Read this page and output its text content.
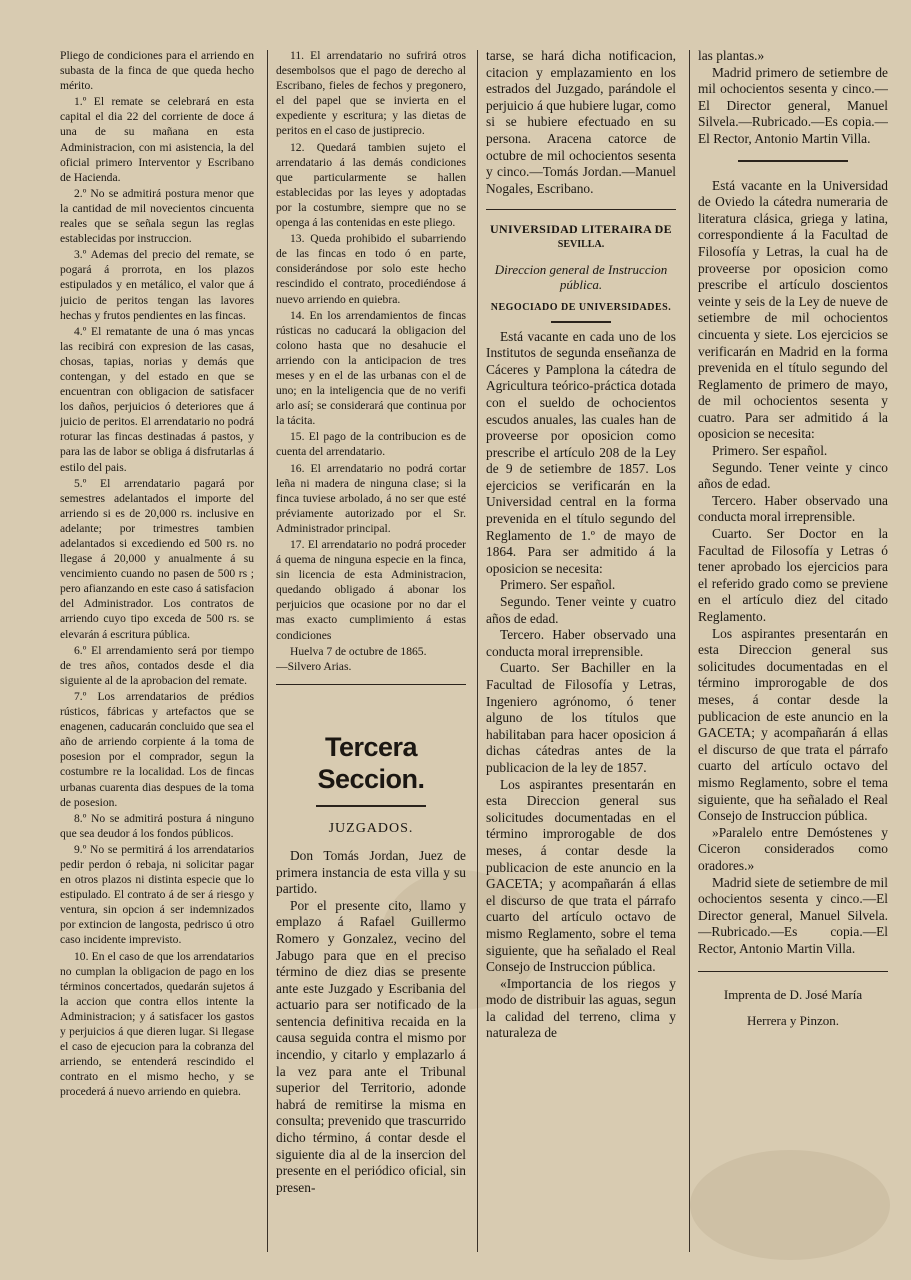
Pliego de condiciones para el arriendo en subasta de la finca de que queda hecho mérito.

1.º El remate se celebrará en esta capital el dia 22 del corriente de doce á una de su mañana en esta Administracion, con mi asistencia, la del oficial primero Interventor y Escribano de Hacienda.

2.º No se admitirá postura menor que la cantidad de mil novecientos cincuenta reales que se señala segun las reglas establecidas por instruccion.

3.º Ademas del precio del remate, se pogará á prorrota, en los plazos estipulados y en metálico, el valor que á juicio de peritos tengan las lavores hechas y frutos pendientes en las fincas.

4.º El rematante de una ó mas yncas las recibirá con expresion de las casas, chosas, tapias, norias y demás que contengan, y del estado en que se encuentran con obligacion de satisfacer los daños, perjuicios ó deteriores que á juicio de peritos. El arrendatario no podrá roturar las fincas destinadas á pastos, y para las de labor se obliga á disfrutarlas á estilo del pais.

5.º El arrendatario pagará por semestres adelantados el importe del arriendo si es de 20,000 rs. inclusive en adelante; por trimestres tambien adelantados si excediendo ed 500 rs. no llegase á 20,000 y anualmente á su vencimiento cuando no pasen de 500 rs ; pero afianzando en este caso á satisfacion del Administrador. Los contratos de arriendo cuyo tipo exceda de 500 rs. se elevarán á escritura pública.

6.º El arrendamiento será por tiempo de tres años, contados desde el dia siguiente al de la aprobacion del remate.

7.º Los arrendatarios de prédios rústicos, fábricas y artefactos que se enagenen, caducarán concluido que sea el año de arriendo corpiente á la toma de posesion por el comprador, segun la costumbre re la localidad. Los de fincas urbanas cuarenta dias despues de la toma de posesion.

8.º No se admitirá postura á ninguno que sea deudor á los fondos públicos.

9.º No se permitirá á los arrendatarios pedir perdon ó rebaja, ni solicitar pagar en otros plazos ni distinta especie que lo estipulado. El contrato á de ser á riesgo y ventura, sin opcion á ser indemnizados por extincion de langosta, pedrisco ú otro caso incidente imprevisto.

10. En el caso de que los arrendatarios no cumplan la obligacion de pago en los términos concertados, quedarán sujetos á la accion que contra ellos intente la Administracion; y á satisfacer los gastos y perjuicios á que dieren lugar. Si llegase el caso de ejecucion para la cobranza del arriendo, se entenderá rescindido el contrato en el mismo hecho, y se procederá á nuevo arriendo en quiebra.

11. El arrendatario no sufrirá otros desembolsos que el pago de derecho al Escribano, fieles de fechos y pregonero, el del papel que se invierta en el expediente y escritura; y las dietas de peritos en el caso de justiprecio.

12. Quedará tambien sujeto el arrendatario á las demás condiciones que particularmente se hallen establecidas por las leyes y adoptadas por la costumbre, siempre que no se openga á las contenidas en este pliego.

13. Queda prohibido el subarriendo de las fincas en todo ó en parte, considerándose por solo este hecho rescindido el contrato, procediéndose á nuevo arriendo en quiebra.

14. En los arrendamientos de fincas rústicas no caducará la obligacion del colono hasta que no desahucie el arriendo con la anticipacion de tres meses y en el de las urbanas con el de uno; en la inteligencia que de no verifi arlo así; se considerará que continua por la tácita.

15. El pago de la contribucion es de cuenta del arrendatario.

16. El arrendatario no podrá cortar leña ni madera de ninguna clase; si la finca tuviese arbolado, á no ser que esté préviamente autorizado por el Sr. Administrador principal.

17. El arrendatario no podrá proceder á quema de ninguna especie en la finca, sin licencia de esta Administracion, quedando obligado á abonar los perjuicios que ocasione por no dar el mas exacto cumplimiento á estas condiciones

Huelva 7 de octubre de 1865.

—Silvero Arias.

Tercera Seccion.
JUZGADOS.

Don Tomás Jordan, Juez de primera instancia de esta villa y su partido.

Por el presente cito, llamo y emplazo á Rafael Guillermo Romero y Gonzalez, vecino del Jabugo para que en el preciso término de diez dias se presente ante este Juzgado y Escribania del actuario para ser notificado de la sentencia definitiva recaida en la causa seguida contra el mismo por incendio, y citarlo y emplazarlo á la vez para ante el Tribunal superior del Territorio, adonde habrá de remitirse la misma en consulta; prevenido que trascurrido dicho término, á contar desde el siguiente dia al de la insercion del presente en el periódico oficial, sin presen-

tarse, se hará dicha notificacion, citacion y emplazamiento en los estrados del Juzgado, parándole el perjuicio á que hubiere lugar, como si se hubiere efectuado en su persona. Aracena catorce de octubre de mil ochocientos sesenta y cinco.—Tomás Jordan.—Manuel Nogales, Escribano.

UNIVERSIDAD LITERAIRA DE
SEVILLA.
Direccion general de Instruccion pública.
NEGOCIADO DE UNIVERSIDADES.

Está vacante en cada uno de los Institutos de segunda enseñanza de Cáceres y Pamplona la cátedra de Agricultura teórico-práctica dotada con el sueldo de ochocientos escudos anuales, las cuales han de proveerse por oposicion como prescribe el artículo 208 de la Ley de 9 de setiembre de 1857. Los ejercicios se verificarán en la Universidad central en la forma prevenida en el título segundo del Reglamento de 1.º de mayo de 1864. Para ser admitido á la oposicion se necesita:

Primero. Ser español.

Segundo. Tener veinte y cuatro años de edad.

Tercero. Haber observado una conducta moral irreprensible.

Cuarto. Ser Bachiller en la Facultad de Filosofía y Letras, Ingeniero agrónomo, ó tener alguno de los títulos que habilitaban para hacer oposicion á dichas cátedras antes de la publicacion de la ley de 1857.

Los aspirantes presentarán en esta Direccion general sus solicitudes documentadas en el término improrogable de dos meses, á contar desde la publicacion de este anuncio en la GACETA; y acompañarán á ellas el discurso de que trata el párrafo cuarto del artículo octavo de mismo Reglamento, sobre el tema siguiente, que ha señalado el Real Consejo de Instruccion pública.

«Importancia de los riegos y modo de distribuir las aguas, segun la calidad del terreno, clima y naturaleza de

las plantas.»

Madrid primero de setiembre de mil ochocientos sesenta y cinco.—El Director general, Manuel Silvela.—Rubricado.—Es copia.—El Rector, Antonio Martin Villa.

Está vacante en la Universidad de Oviedo la cátedra numeraria de literatura clásica, griega y latina, correspondiente á la Facultad de Filosofía y Letras, la cual ha de proveerse por oposicion como prescribe el artículo doscientos veinte y seis de la Ley de nueve de setiembre de mil ochocientos cincuenta y siete. Los ejercicios se verificarán en Madrid en la forma prevenida en el título segundo del Reglamento de primero de mayo, de mil ochocientos sesenta y cuatro. Para ser admitido á la oposicion se necesita:

Primero. Ser español.

Segundo. Tener veinte y cinco años de edad.

Tercero. Haber observado una conducta moral irreprensible.

Cuarto. Ser Doctor en la Facultad de Filosofía y Letras ó tener aprobado los ejercicios para el referido grado como se previene en el artículo diez del citado Reglamento.

Los aspirantes presentarán en esta Direccion general sus solicitudes documentadas en el término improrogable de dos meses, á contar desde la publicacion de este anuncio en la GACETA; y acompañarán á ellas el discurso de que trata el párrafo cuarto del artículo octavo del mismo Reglamento, sobre el tema siguiente, que ha señalado el Real Consejo de Instruccion pública.

»Paralelo entre Demóstenes y Ciceron considerados como oradores.»

Madrid siete de setiembre de mil ochocientos sesenta y cinco.—El Director general, Manuel Silvela.—Rubricado.—Es copia.—El Rector, Antonio Martin Villa.

Imprenta de D. José María
Herrera y Pinzon.
